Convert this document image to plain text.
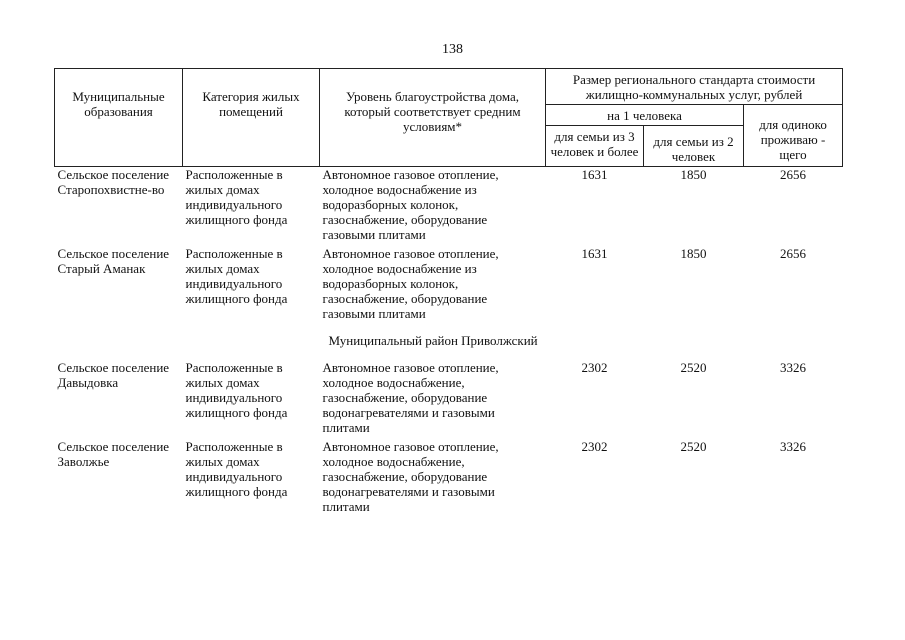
138
Муниципальные образования	Категория жилых помещений	Уровень благоустройства дома, который соответствует средним условиям*	Размер регионального стандарта стоимости жилищно-коммунальных услуг, рублей		
			на 1 человека		для одиноко проживаю - щего
			для семьи из 3 человек и более	для семьи из 2 человек	
Сельское поселение Старопохвистне-во	Расположенные в жилых домах индивидуального жилищного фонда	Автономное газовое отопление, холодное водоснабжение из водоразборных колонок, газоснабжение, оборудование газовыми плитами	1631	1850	2656
Сельское поселение Старый Аманак	Расположенные в жилых домах индивидуального жилищного фонда	Автономное газовое отопление, холодное водоснабжение из водоразборных колонок, газоснабжение, оборудование газовыми плитами	1631	1850	2656
		Муниципальный район Приволжский			
Сельское поселение Давыдовка	Расположенные в жилых домах индивидуального жилищного фонда	Автономное газовое отопление, холодное водоснабжение, газоснабжение, оборудование водонагревателями и газовыми плитами	2302	2520	3326
Сельское поселение Заволжье	Расположенные в жилых домах индивидуального жилищного фонда	Автономное газовое отопление, холодное водоснабжение, газоснабжение, оборудование водонагревателями и газовыми плитами	2302	2520	3326
